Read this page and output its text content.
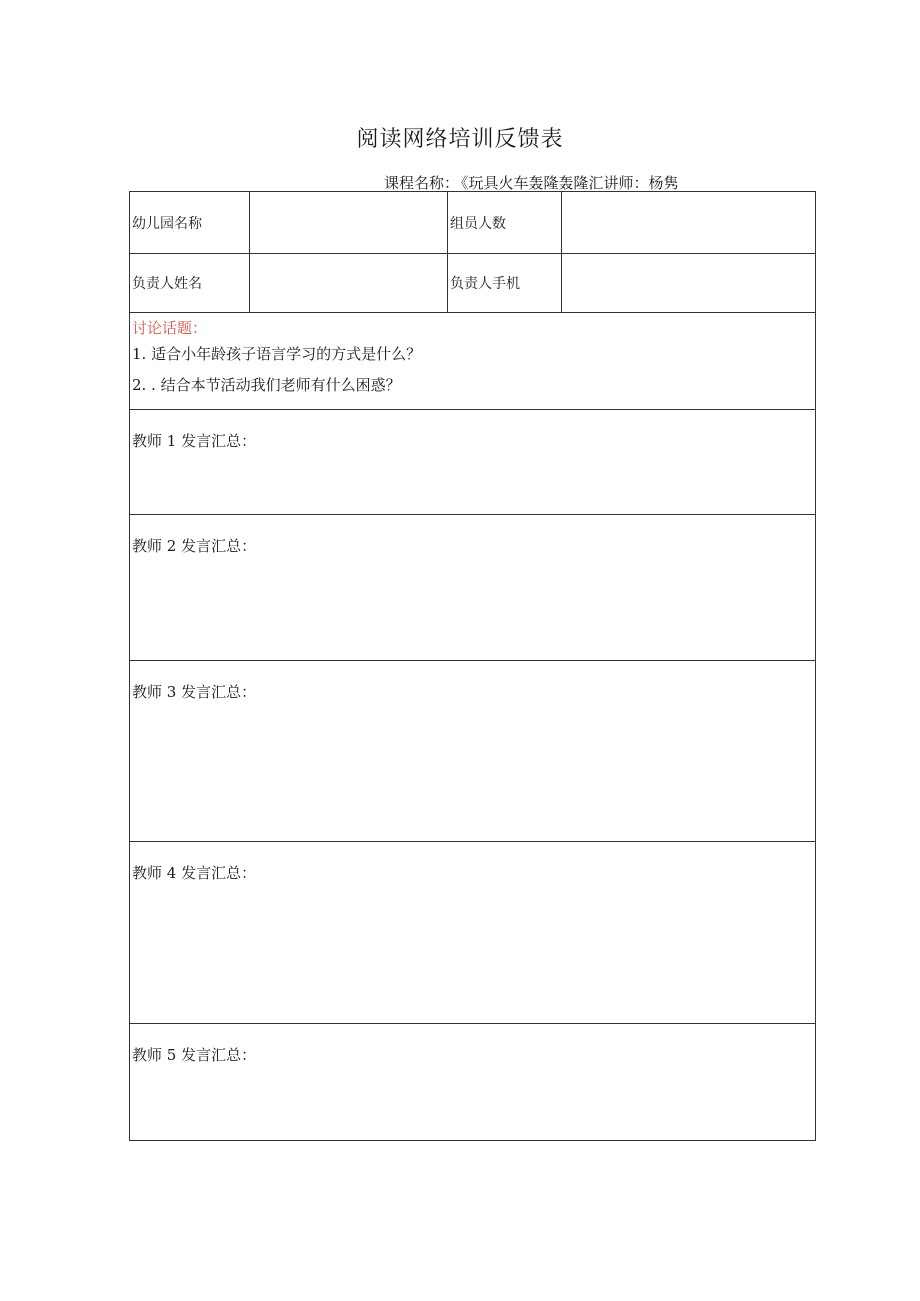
阅读网络培训反馈表
课程名称： 《玩具火车轰隆轰隆汇讲师：杨隽
幼儿园名称	组员人数
负责人姓名	负责人手机
讨论话题：
1. 适合小年龄孩子语言学习的方式是什么？
2. . 结合本节活动我们老师有什么困惑？
教师 1 发言汇总：
教师 2 发言汇总：
教师 3 发言汇总：
教师 4 发言汇总：
教师 5 发言汇总：
